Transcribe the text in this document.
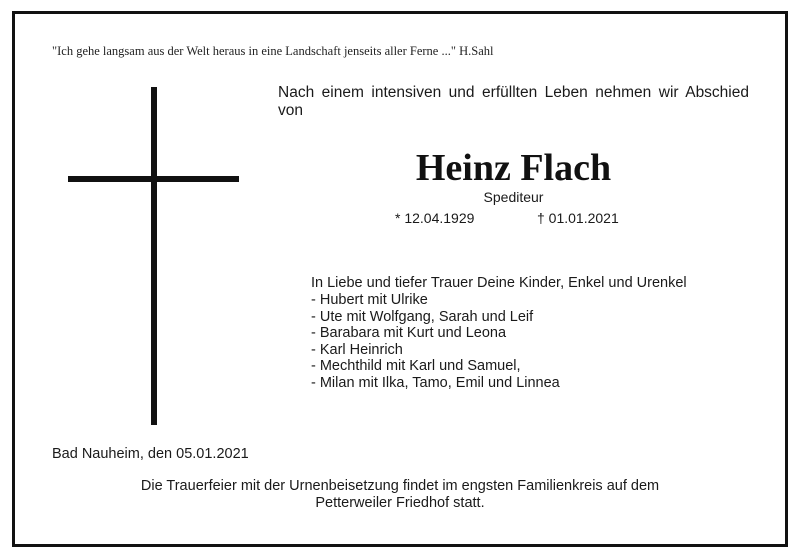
"Ich gehe langsam aus der Welt heraus in eine Landschaft jenseits aller Ferne ..." H.Sahl
Nach einem intensiven und erfüllten Leben nehmen wir Abschied von
Heinz Flach
Spediteur
* 12.04.1929	† 01.01.2021
In Liebe und tiefer Trauer Deine Kinder, Enkel und Urenkel
- Hubert mit Ulrike
- Ute mit Wolfgang, Sarah und Leif
- Barabara mit Kurt und Leona
- Karl Heinrich
- Mechthild mit Karl und Samuel,
- Milan mit Ilka, Tamo, Emil und Linnea
Bad Nauheim, den 05.01.2021
Die Trauerfeier mit der Urnenbeisetzung findet im engsten Familienkreis auf dem
Petterweiler Friedhof statt.
